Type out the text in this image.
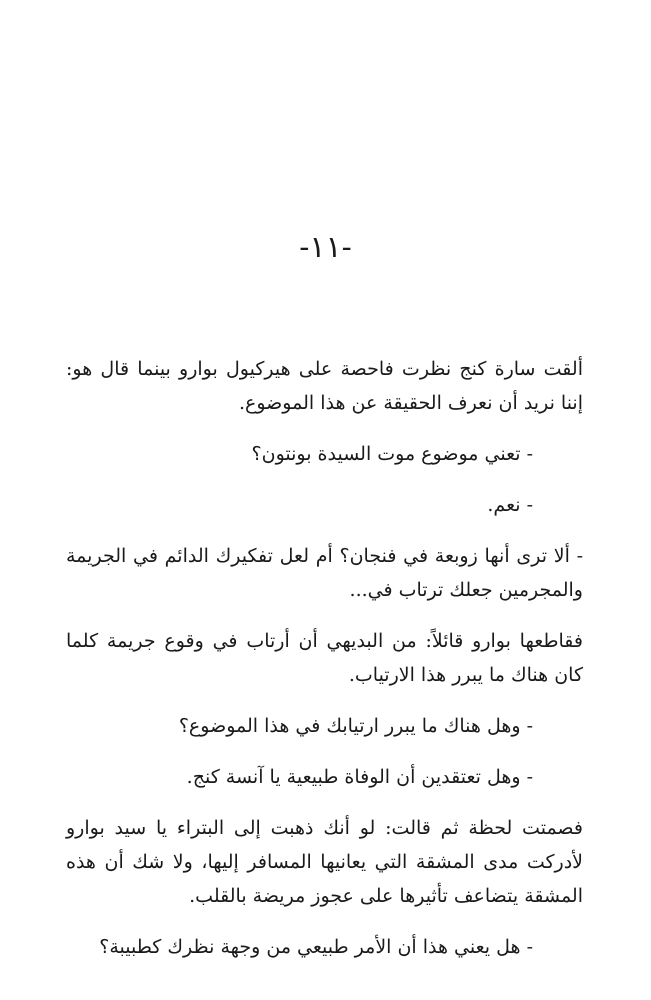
-١١-

ألقت سارة كنج نظرت فاحصة على هيركيول بوارو بينما قال هو: إننا نريد أن نعرف الحقيقة عن هذا الموضوع.

- تعني موضوع موت السيدة بونتون؟

- نعم.

- ألا ترى أنها زوبعة في فنجان؟ أم لعل تفكيرك الدائم في الجريمة والمجرمين جعلك ترتاب في...

فقاطعها بوارو قائلاً: من البديهي أن أرتاب في وقوع جريمة كلما كان هناك ما يبرر هذا الارتياب.

- وهل هناك ما يبرر ارتيابك في هذا الموضوع؟

- وهل تعتقدين أن الوفاة طبيعية يا آنسة كنج.

فصمتت لحظة ثم قالت: لو أنك ذهبت إلى البتراء يا سيد بوارو لأدركت مدى المشقة التي يعانيها المسافر إليها، ولا شك أن هذه المشقة يتضاعف تأثيرها على عجوز مريضة بالقلب.

- هل يعني هذا أن الأمر طبيعي من وجهة نظرك كطبيبة؟
